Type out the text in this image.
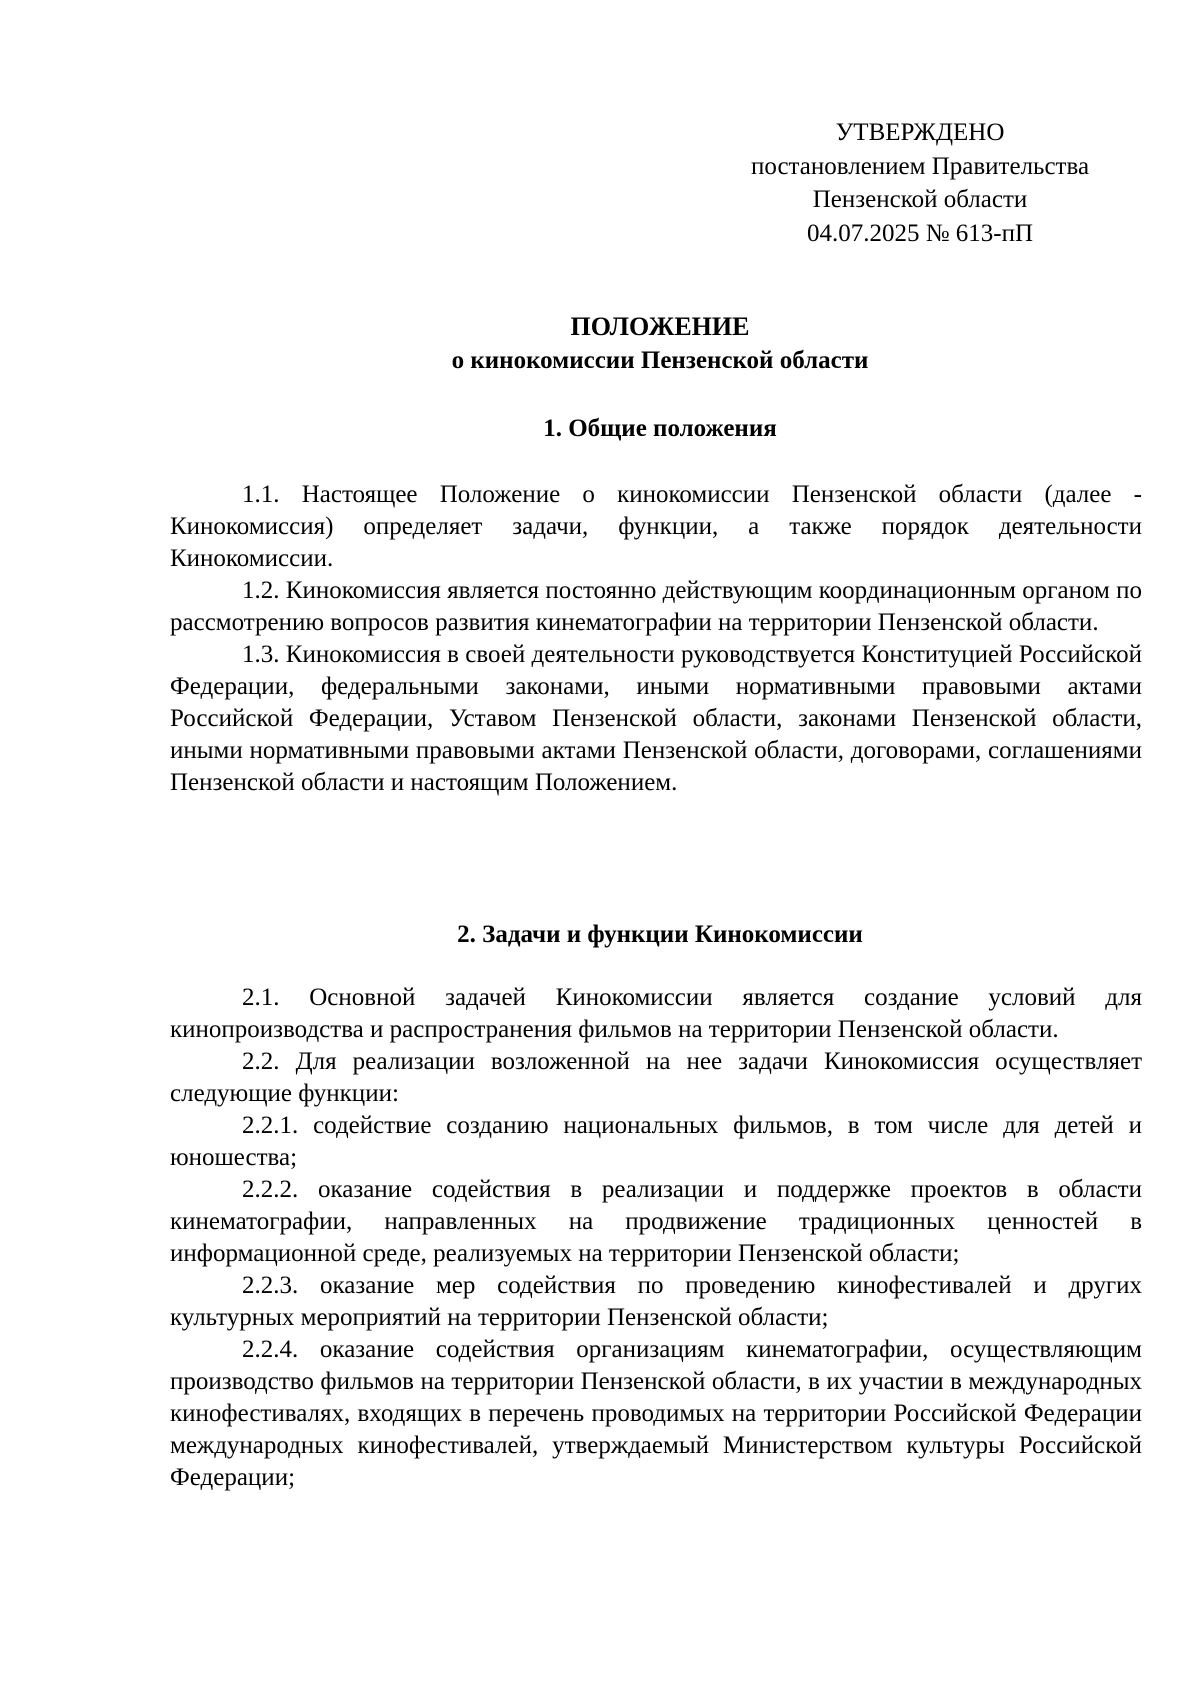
УТВЕРЖДЕНО
постановлением Правительства
Пензенской области
04.07.2025 № 613-пП
ПОЛОЖЕНИЕ
о кинокомиссии Пензенской области
1. Общие положения

1.1. Настоящее Положение о кинокомиссии Пензенской области (далее - Кинокомиссия) определяет задачи, функции, а также порядок деятельности Кинокомиссии.

1.2. Кинокомиссия является постоянно действующим координационным органом по рассмотрению вопросов развития кинематографии на территории Пензенской области.

1.3. Кинокомиссия в своей деятельности руководствуется Конституцией Российской Федерации, федеральными законами, иными нормативными правовыми актами Российской Федерации, Уставом Пензенской области, законами Пензенской области, иными нормативными правовыми актами Пензенской области, договорами, соглашениями Пензенской области и настоящим Положением.

2. Задачи и функции Кинокомиссии

2.1. Основной задачей Кинокомиссии является создание условий для кинопроизводства и распространения фильмов на территории Пензенской области.

2.2. Для реализации возложенной на нее задачи Кинокомиссия осуществляет следующие функции:

2.2.1. содействие созданию национальных фильмов, в том числе для детей и юношества;

2.2.2. оказание содействия в реализации и поддержке проектов в области кинематографии, направленных на продвижение традиционных ценностей в информационной среде, реализуемых на территории Пензенской области;

2.2.3. оказание мер содействия по проведению кинофестивалей и других культурных мероприятий на территории Пензенской области;

2.2.4. оказание содействия организациям кинематографии, осуществляющим производство фильмов на территории Пензенской области, в их участии в международных кинофестивалях, входящих в перечень проводимых на территории Российской Федерации международных кинофестивалей, утверждаемый Министерством культуры Российской Федерации;
